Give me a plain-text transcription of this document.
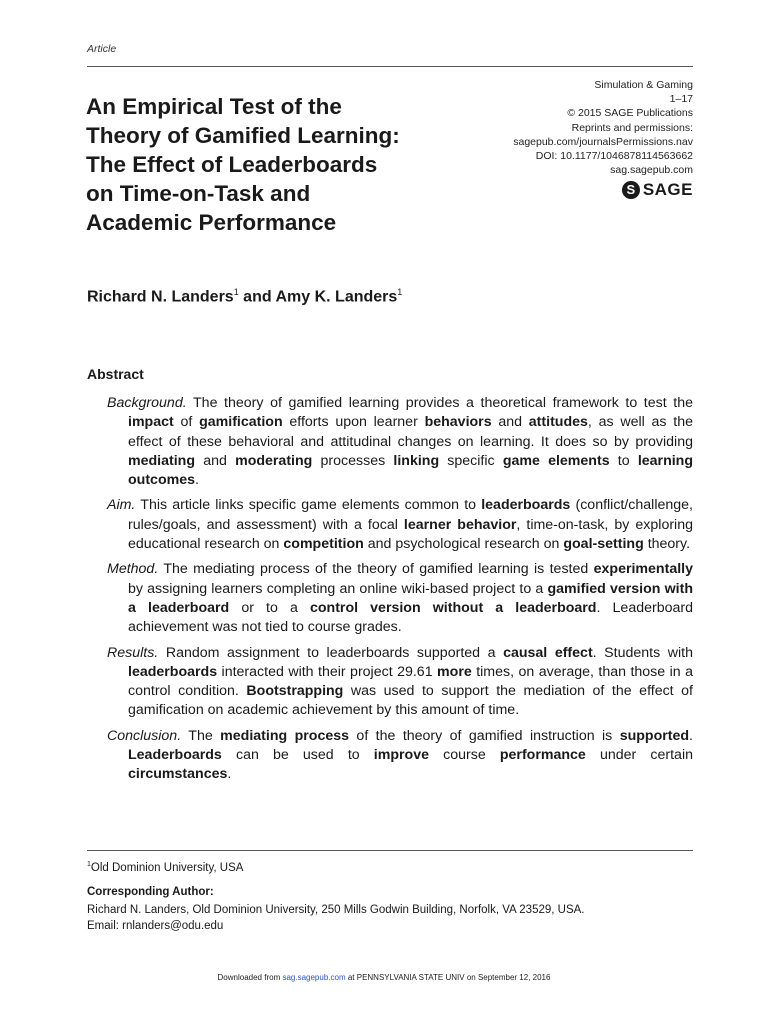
Article
An Empirical Test of the
Theory of Gamified Learning:
The Effect of Leaderboards
on Time-on-Task and
Academic Performance
Simulation & Gaming
1–17
© 2015 SAGE Publications
Reprints and permissions:
sagepub.com/journalsPermissions.nav
DOI: 10.1177/1046878114563662
sag.sagepub.com
S SAGE
Richard N. Landers$^1$ and Amy K. Landers$^1$
Abstract

Background. The theory of gamified learning provides a theoretical framework to test the impact of gamification efforts upon learner behaviors and attitudes, as well as the effect of these behavioral and attitudinal changes on learning. It does so by providing mediating and moderating processes linking specific game elements to learning outcomes.

Aim. This article links specific game elements common to leaderboards (conflict/challenge, rules/goals, and assessment) with a focal learner behavior, time-on-task, by exploring educational research on competition and psychological research on goal-setting theory.

Method. The mediating process of the theory of gamified learning is tested experimentally by assigning learners completing an online wiki-based project to a gamified version with a leaderboard or to a control version without a leaderboard. Leaderboard achievement was not tied to course grades.

Results. Random assignment to leaderboards supported a causal effect. Students with leaderboards interacted with their project 29.61 more times, on average, than those in a control condition. Bootstrapping was used to support the mediation of the effect of gamification on academic achievement by this amount of time.

Conclusion. The mediating process of the theory of gamified instruction is supported. Leaderboards can be used to improve course performance under certain circumstances.

$^1$Old Dominion University, USA
Corresponding Author:
Richard N. Landers, Old Dominion University, 250 Mills Godwin Building, Norfolk, VA 23529, USA.
Email: rnlanders@odu.edu
Downloaded from sag.sagepub.com at PENNSYLVANIA STATE UNIV on September 12, 2016
